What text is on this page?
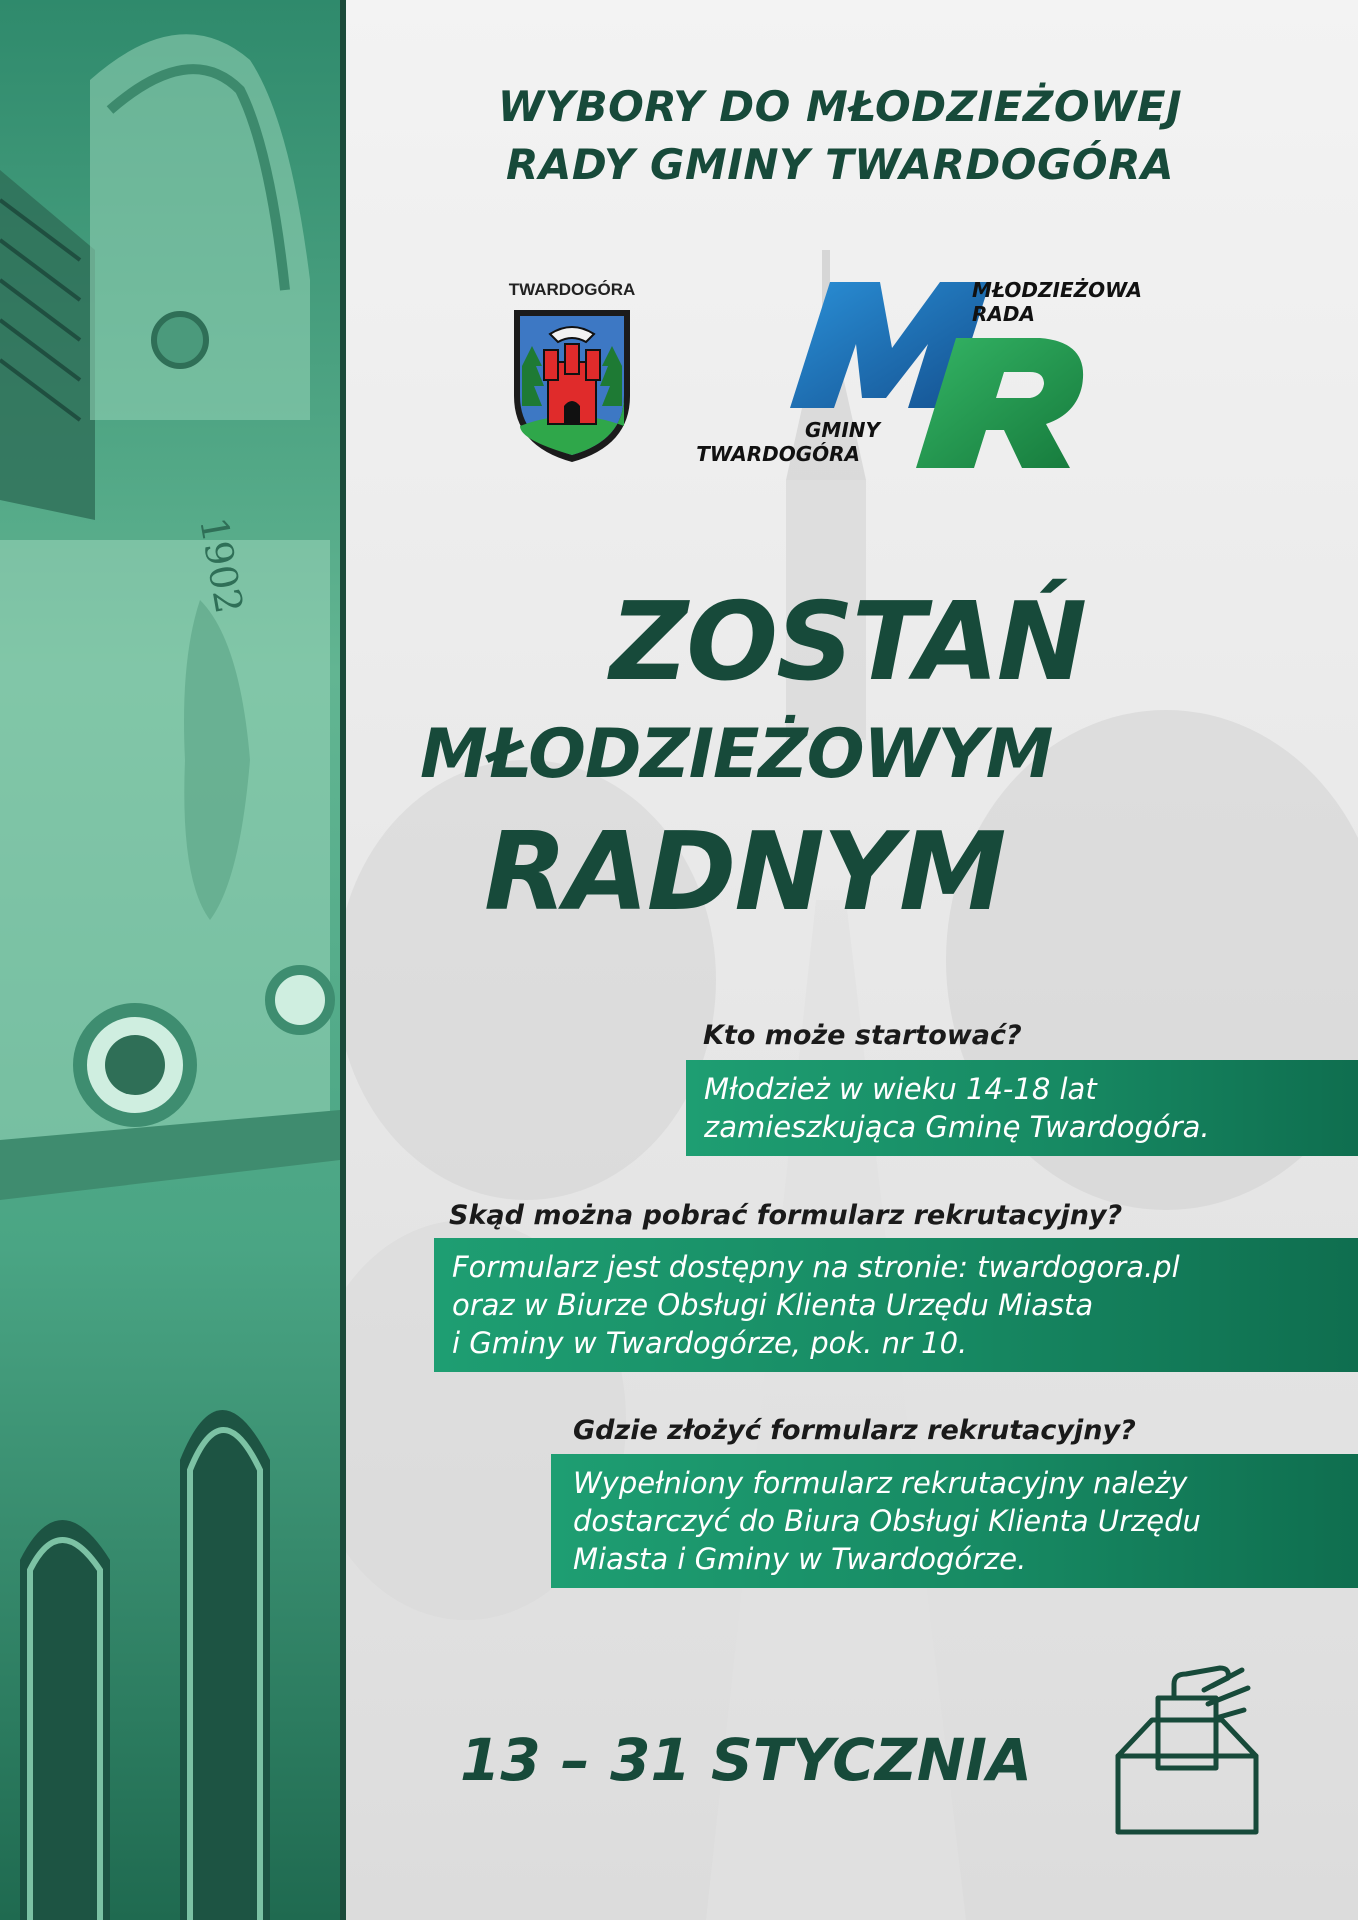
1902
WYBORY DO MŁODZIEŻOWEJ
RADY GMINY TWARDOGÓRA
TWARDOGÓRA	MŁODZIEŻOWA
RADA
GMINY
TWARDOGÓRA
ZOSTAŃ
MŁODZIEŻOWYM
RADNYM
Kto może startować?
Młodzież w wieku 14-18 lat
zamieszkująca Gminę Twardogóra.
Skąd można pobrać formularz rekrutacyjny?
Formularz jest dostępny na stronie: twardogora.pl
oraz w Biurze Obsługi Klienta Urzędu Miasta
i Gminy w Twardogórze, pok. nr 10.
Gdzie złożyć formularz rekrutacyjny?
Wypełniony formularz rekrutacyjny należy
dostarczyć do Biura Obsługi Klienta Urzędu
Miasta i Gminy w Twardogórze.
13 – 31 STYCZNIA
